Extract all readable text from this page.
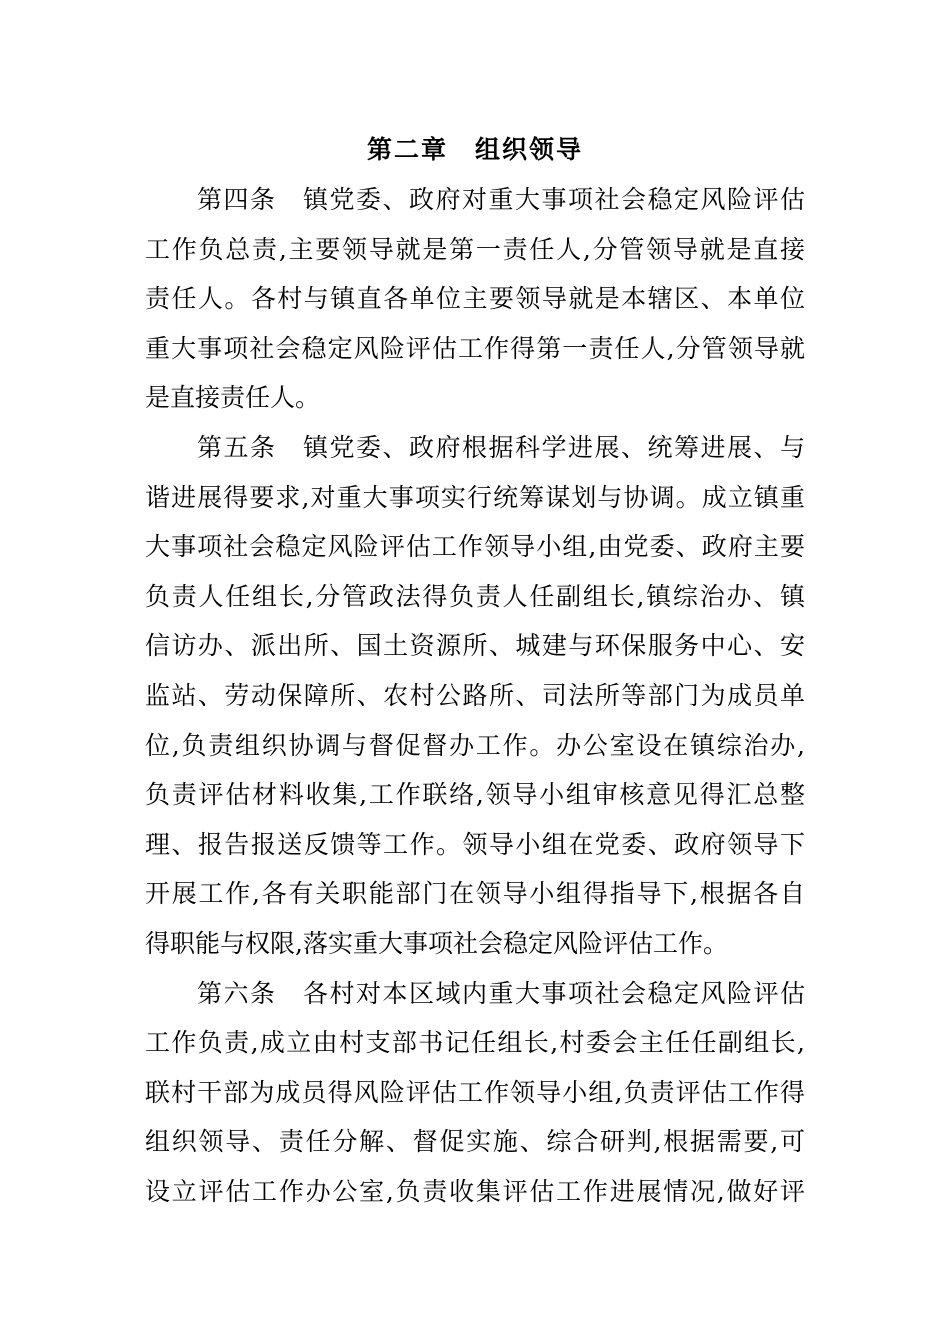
第二章　组织领导
第四条　镇党委、政府对重大事项社会稳定风险评估
工作负总责,主要领导就是第一责任人,分管领导就是直接
责任人。各村与镇直各单位主要领导就是本辖区、本单位
重大事项社会稳定风险评估工作得第一责任人,分管领导就
是直接责任人。
第五条　镇党委、政府根据科学进展、统筹进展、与
谐进展得要求,对重大事项实行统筹谋划与协调。成立镇重
大事项社会稳定风险评估工作领导小组,由党委、政府主要
负责人任组长,分管政法得负责人任副组长,镇综治办、镇
信访办、派出所、国土资源所、城建与环保服务中心、安
监站、劳动保障所、农村公路所、司法所等部门为成员单
位,负责组织协调与督促督办工作。办公室设在镇综治办,
负责评估材料收集,工作联络,领导小组审核意见得汇总整
理、报告报送反馈等工作。领导小组在党委、政府领导下
开展工作,各有关职能部门在领导小组得指导下,根据各自
得职能与权限,落实重大事项社会稳定风险评估工作。
第六条　各村对本区域内重大事项社会稳定风险评估
工作负责,成立由村支部书记任组长,村委会主任任副组长,
联村干部为成员得风险评估工作领导小组,负责评估工作得
组织领导、责任分解、督促实施、综合研判,根据需要,可
设立评估工作办公室,负责收集评估工作进展情况,做好评
